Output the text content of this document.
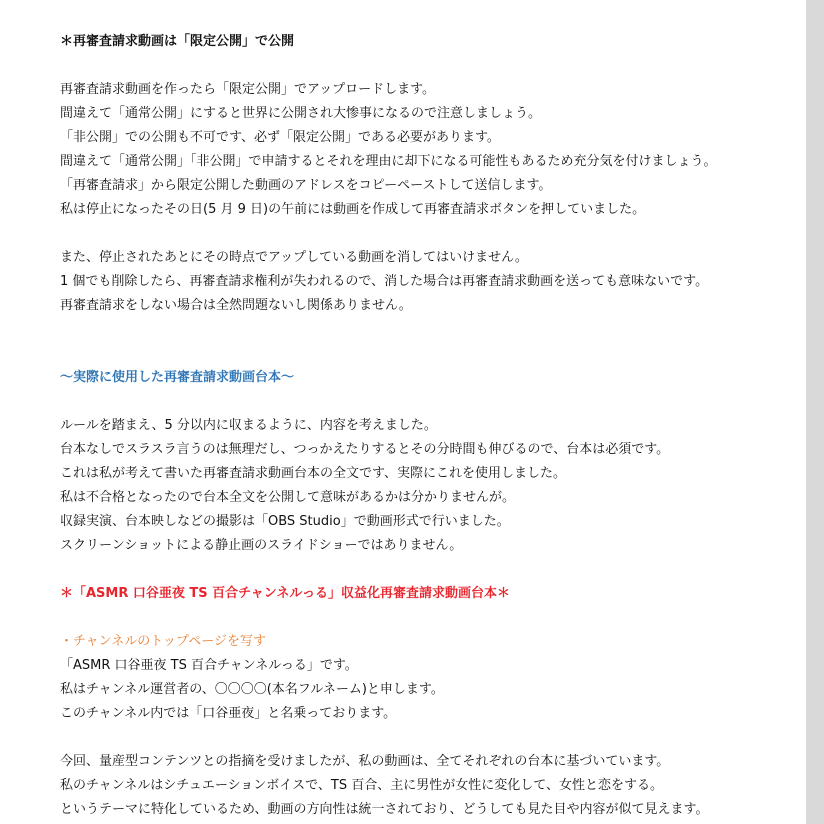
＊再審査請求動画は「限定公開」で公開
再審査請求動画を作ったら「限定公開」でアップロードします。
間違えて「通常公開」にすると世界に公開され大惨事になるので注意しましょう。
「非公開」での公開も不可です、必ず「限定公開」である必要があります。
間違えて「通常公開」「非公開」で申請するとそれを理由に却下になる可能性もあるため充分気を付けましょう。
「再審査請求」から限定公開した動画のアドレスをコピーペーストして送信します。
私は停止になったその日(5 月 9 日)の午前には動画を作成して再審査請求ボタンを押していました。
また、停止されたあとにその時点でアップしている動画を消してはいけません。
1 個でも削除したら、再審査請求権利が失われるので、消した場合は再審査請求動画を送っても意味ないです。
再審査請求をしない場合は全然問題ないし関係ありません。
～実際に使用した再審査請求動画台本～
ルールを踏まえ、5 分以内に収まるように、内容を考えました。
台本なしでスラスラ言うのは無理だし、つっかえたりするとその分時間も伸びるので、台本は必須です。
これは私が考えて書いた再審査請求動画台本の全文です、実際にこれを使用しました。
私は不合格となったので台本全文を公開して意味があるかは分かりませんが。
収録実演、台本映しなどの撮影は「OBS Studio」で動画形式で行いました。
スクリーンショットによる静止画のスライドショーではありません。
＊「ASMR 口谷亜夜 TS 百合チャンネルっる」収益化再審査請求動画台本＊
・チャンネルのトップページを写す
「ASMR 口谷亜夜 TS 百合チャンネルっる」です。
私はチャンネル運営者の、〇〇〇〇(本名フルネーム)と申します。
このチャンネル内では「口谷亜夜」と名乗っております。
今回、量産型コンテンツとの指摘を受けましたが、私の動画は、全てそれぞれの台本に基づいています。
私のチャンネルはシチュエーションボイスで、TS 百合、主に男性が女性に変化して、女性と恋をする。
というテーマに特化しているため、動画の方向性は統一されており、どうしても見た目や内容が似て見えます。
